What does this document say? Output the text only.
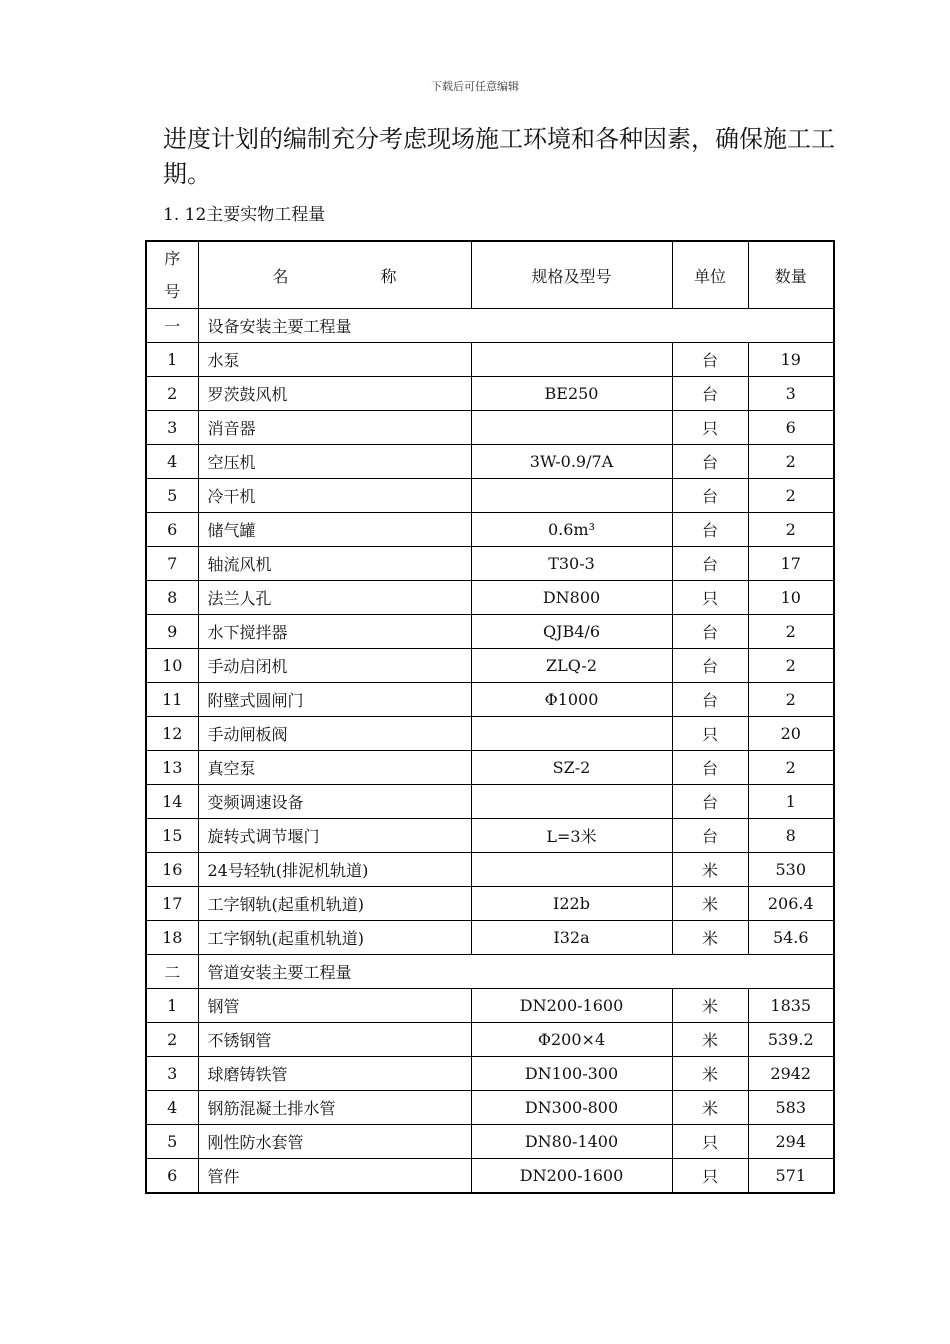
下载后可任意编辑
进度计划的编制充分考虑现场施工环境和各种因素，确保施工工期。
1. 12主要实物工程量
序
号	名　　称	规格及型号	单位	数量
一	设备安装主要工程量			
1	水泵		台	19
2	罗茨鼓风机	BE250	台	3
3	消音器		只	6
4	空压机	3W-0.9/7A	台	2
5	冷干机		台	2
6	储气罐	0.6m³	台	2
7	轴流风机	T30-3	台	17
8	法兰人孔	DN800	只	10
9	水下搅拌器	QJB4/6	台	2
10	手动启闭机	ZLQ-2	台	2
11	附壁式圆闸门	Φ1000	台	2
12	手动闸板阀		只	20
13	真空泵	SZ-2	台	2
14	变频调速设备		台	1
15	旋转式调节堰门	L=3米	台	8
16	24号轻轨(排泥机轨道)		米	530
17	工字钢轨(起重机轨道)	I22b	米	206.4
18	工字钢轨(起重机轨道)	I32a	米	54.6
二	管道安装主要工程量			
1	钢管	DN200-1600	米	1835
2	不锈钢管	Φ200×4	米	539.2
3	球磨铸铁管	DN100-300	米	2942
4	钢筋混凝土排水管	DN300-800	米	583
5	刚性防水套管	DN80-1400	只	294
6	管件	DN200-1600	只	571
